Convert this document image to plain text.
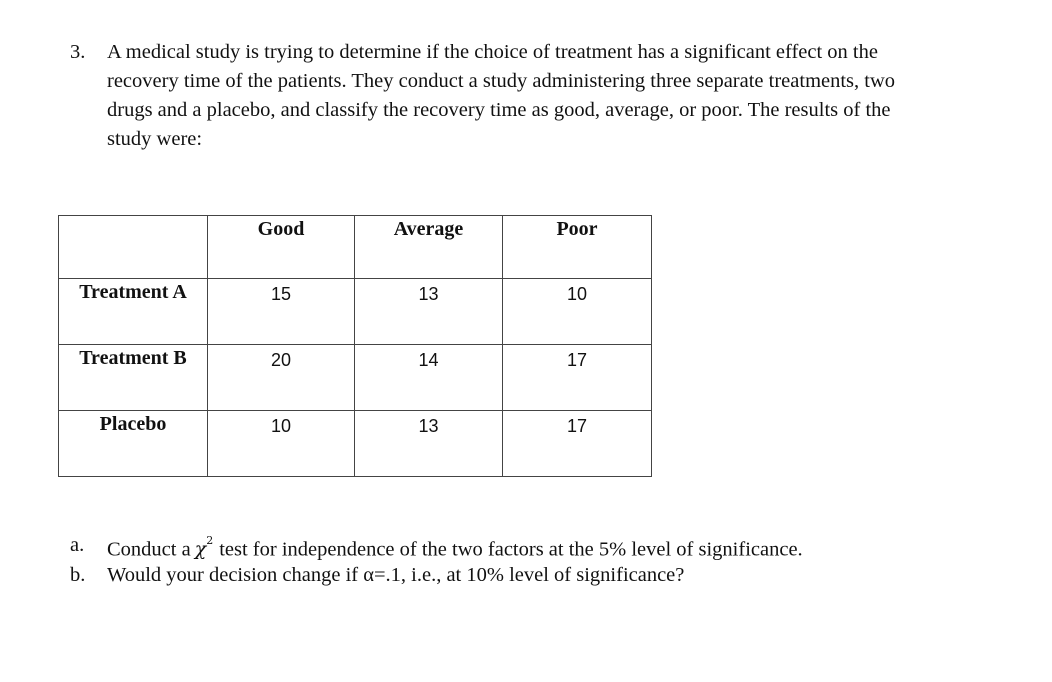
3. A medical study is trying to determine if the choice of treatment has a significant effect on the
recovery time of the patients. They conduct a study administering three separate treatments, two
drugs and a placebo, and classify the recovery time as good, average, or poor. The results of the
study were:
	Good	Average	Poor
Treatment A	15	13	10
Treatment B	20	14	17
Placebo	10	13	17
a. Conduct a $\chi^2$ test for independence of the two factors at the 5% level of significance.
b. Would your decision change if α=.1, i.e., at 10% level of significance?
